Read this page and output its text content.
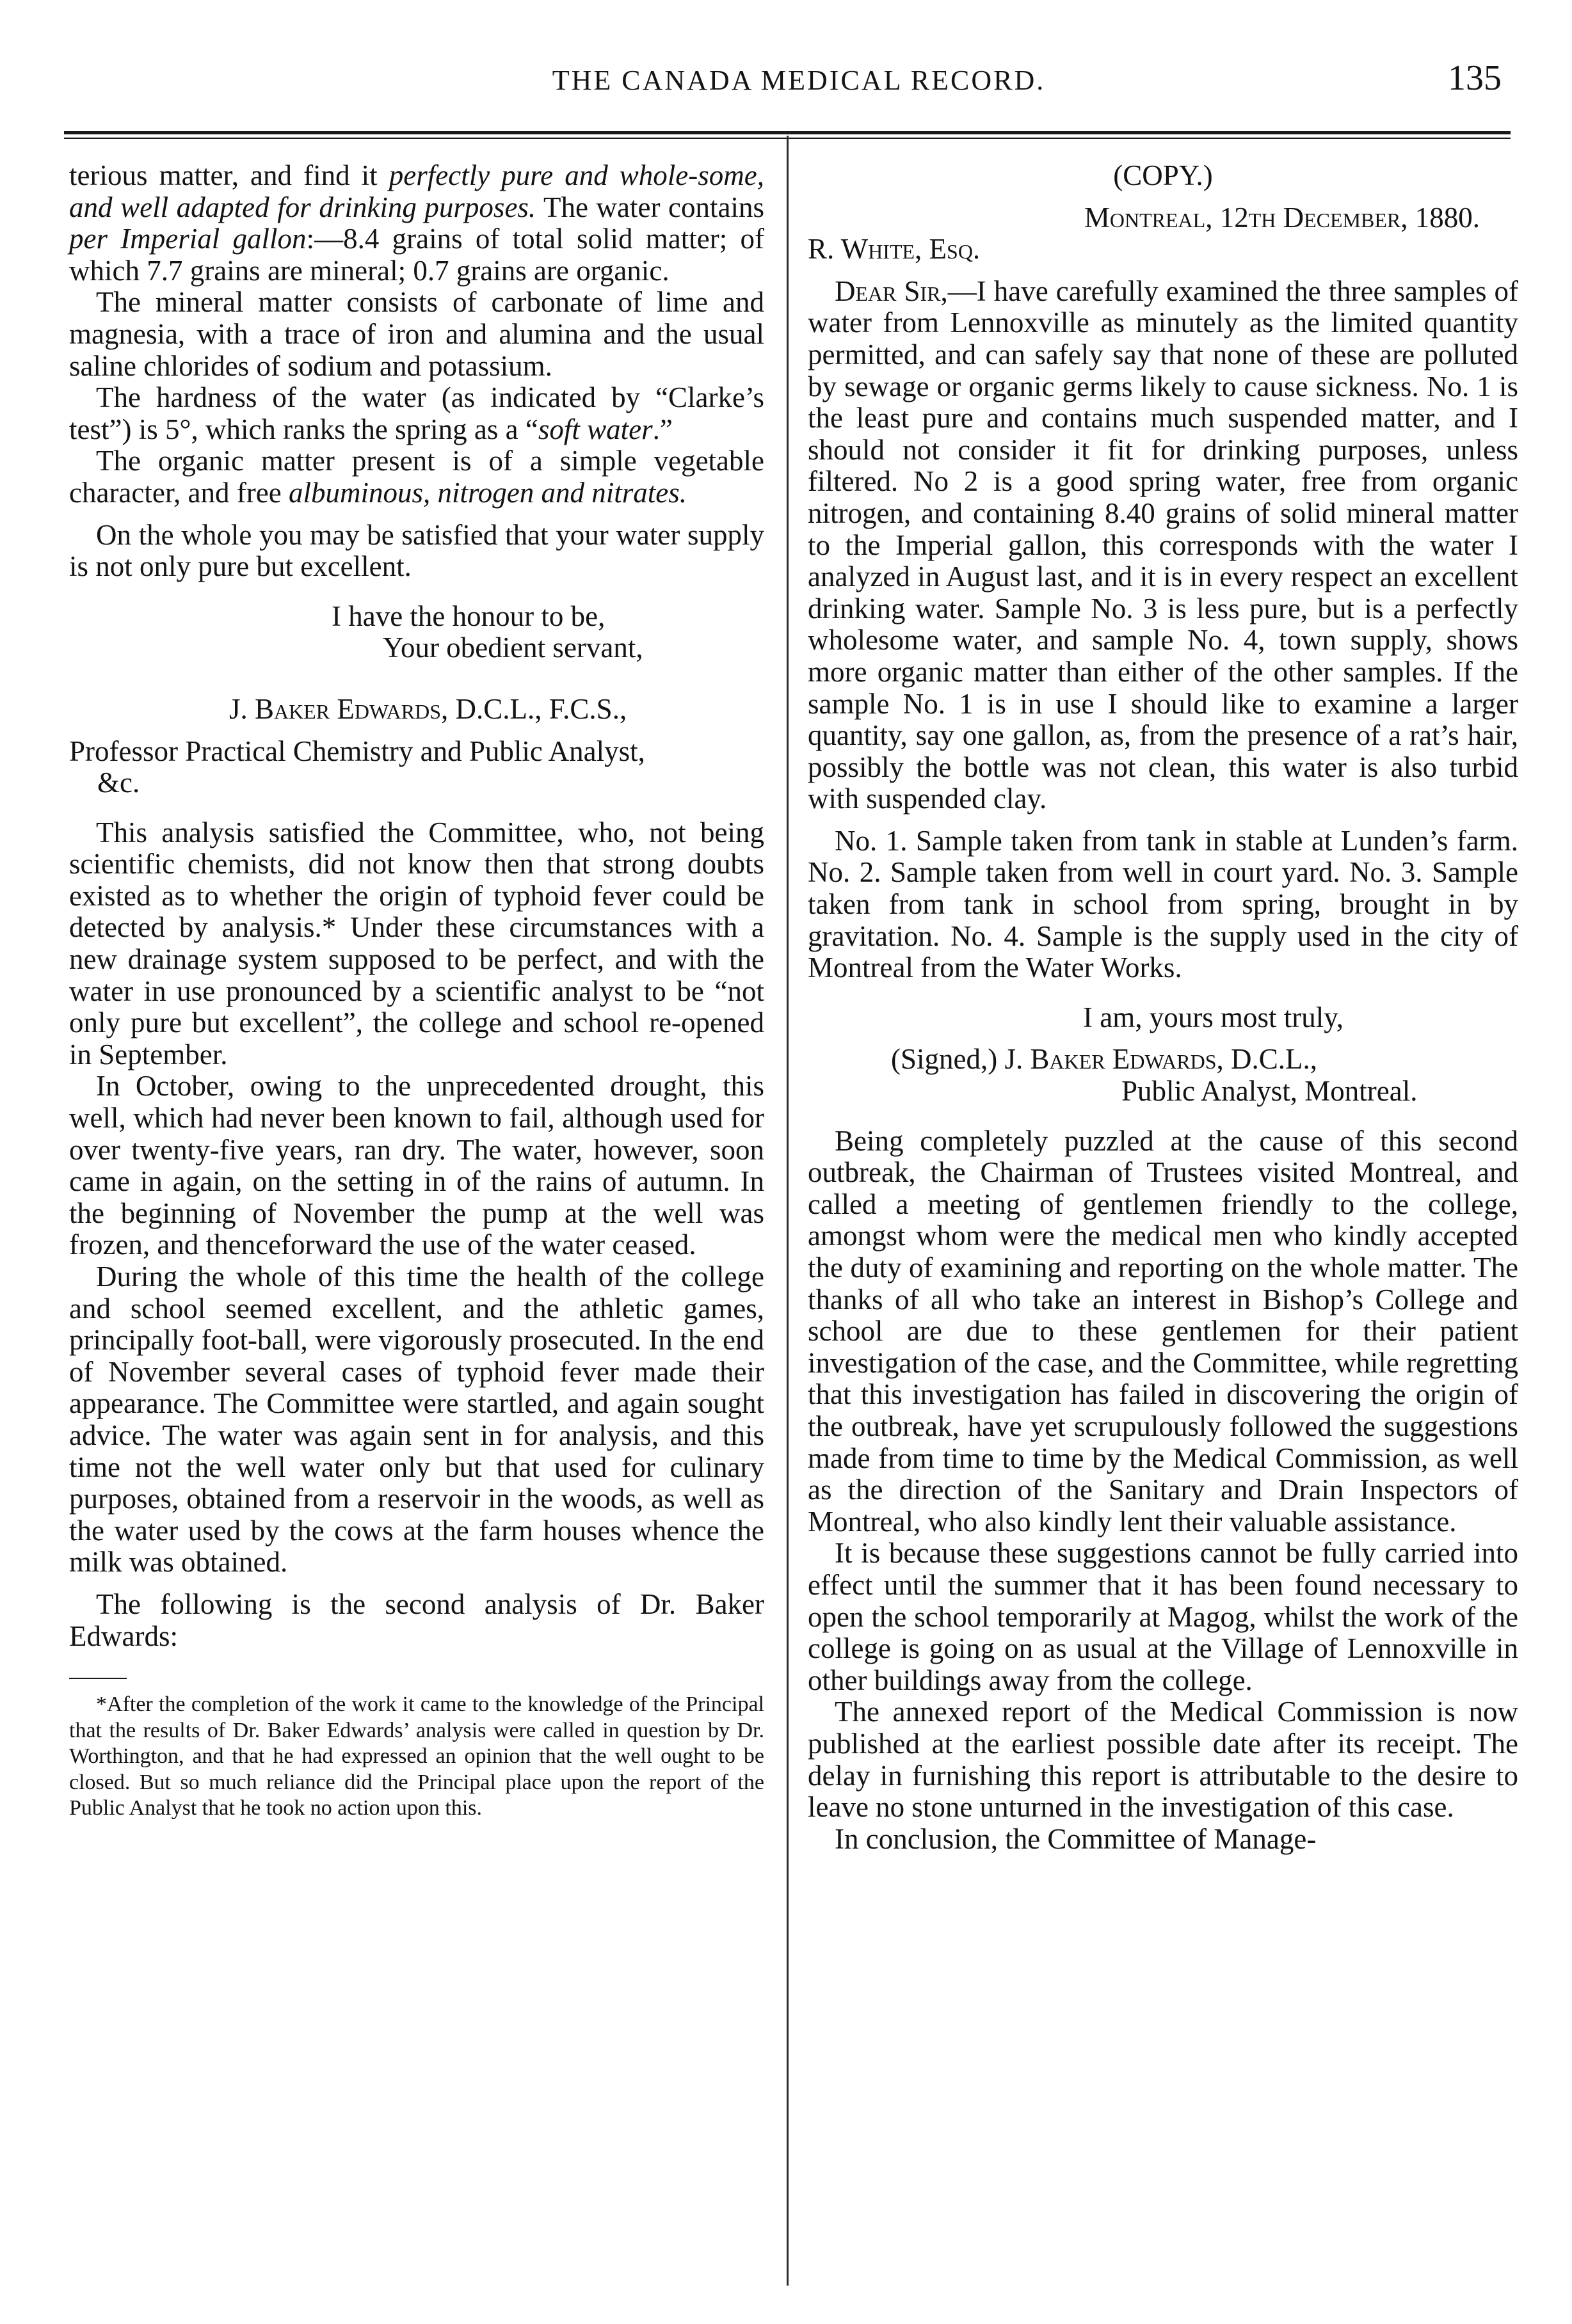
THE CANADA MEDICAL RECORD.	135

terious matter, and find it perfectly pure and whole-some, and well adapted for drinking purposes. The water contains per Imperial gallon:—8.4 grains of total solid matter; of which 7.7 grains are mineral; 0.7 grains are organic.

The mineral matter consists of carbonate of lime and magnesia, with a trace of iron and alumina and the usual saline chlorides of sodium and potassium.

The hardness of the water (as indicated by “Clarke’s test”) is 5°, which ranks the spring as a “soft water.”

The organic matter present is of a simple vegetable character, and free albuminous, nitrogen and nitrates.

On the whole you may be satisfied that your water supply is not only pure but excellent.

I have the honour to be,

Your obedient servant,

J. Baker Edwards, D.C.L., F.C.S.,

Professor Practical Chemistry and Public Analyst,
&c.

This analysis satisfied the Committee, who, not being scientific chemists, did not know then that strong doubts existed as to whether the origin of typhoid fever could be detected by analysis.* Under these circumstances with a new drainage system supposed to be perfect, and with the water in use pronounced by a scientific analyst to be “not only pure but excellent”, the college and school re-opened in September.

In October, owing to the unprecedented drought, this well, which had never been known to fail, although used for over twenty-five years, ran dry. The water, however, soon came in again, on the setting in of the rains of autumn. In the beginning of November the pump at the well was frozen, and thenceforward the use of the water ceased.

During the whole of this time the health of the college and school seemed excellent, and the athletic games, principally foot-ball, were vigorously prosecuted. In the end of November several cases of typhoid fever made their appearance. The Committee were startled, and again sought advice. The water was again sent in for analysis, and this time not the well water only but that used for culinary purposes, obtained from a reservoir in the woods, as well as the water used by the cows at the farm houses whence the milk was obtained.

The following is the second analysis of Dr. Baker Edwards:

*After the completion of the work it came to the knowledge of the Principal that the results of Dr. Baker Edwards’ analysis were called in question by Dr. Worthington, and that he had expressed an opinion that the well ought to be closed. But so much reliance did the Principal place upon the report of the Public Analyst that he took no action upon this.

(COPY.)

Montreal, 12th December, 1880.

R. White, Esq.

Dear Sir,—I have carefully examined the three samples of water from Lennoxville as minutely as the limited quantity permitted, and can safely say that none of these are polluted by sewage or organic germs likely to cause sickness. No. 1 is the least pure and contains much suspended matter, and I should not consider it fit for drinking purposes, unless filtered. No 2 is a good spring water, free from organic nitrogen, and containing 8.40 grains of solid mineral matter to the Imperial gallon, this corresponds with the water I analyzed in August last, and it is in every respect an excellent drinking water. Sample No. 3 is less pure, but is a perfectly wholesome water, and sample No. 4, town supply, shows more organic matter than either of the other samples. If the sample No. 1 is in use I should like to examine a larger quantity, say one gallon, as, from the presence of a rat’s hair, possibly the bottle was not clean, this water is also turbid with suspended clay.

No. 1. Sample taken from tank in stable at Lunden’s farm. No. 2. Sample taken from well in court yard. No. 3. Sample taken from tank in school from spring, brought in by gravitation. No. 4. Sample is the supply used in the city of Montreal from the Water Works.

I am, yours most truly,

(Signed,) J. Baker Edwards, D.C.L.,

Public Analyst, Montreal.

Being completely puzzled at the cause of this second outbreak, the Chairman of Trustees visited Montreal, and called a meeting of gentlemen friendly to the college, amongst whom were the medical men who kindly accepted the duty of examining and reporting on the whole matter. The thanks of all who take an interest in Bishop’s College and school are due to these gentlemen for their patient investigation of the case, and the Committee, while regretting that this investigation has failed in discovering the origin of the outbreak, have yet scrupulously followed the suggestions made from time to time by the Medical Commission, as well as the direction of the Sanitary and Drain Inspectors of Montreal, who also kindly lent their valuable assistance.

It is because these suggestions cannot be fully carried into effect until the summer that it has been found necessary to open the school temporarily at Magog, whilst the work of the college is going on as usual at the Village of Lennoxville in other buildings away from the college.

The annexed report of the Medical Commission is now published at the earliest possible date after its receipt. The delay in furnishing this report is attributable to the desire to leave no stone unturned in the investigation of this case.

In conclusion, the Committee of Manage-
